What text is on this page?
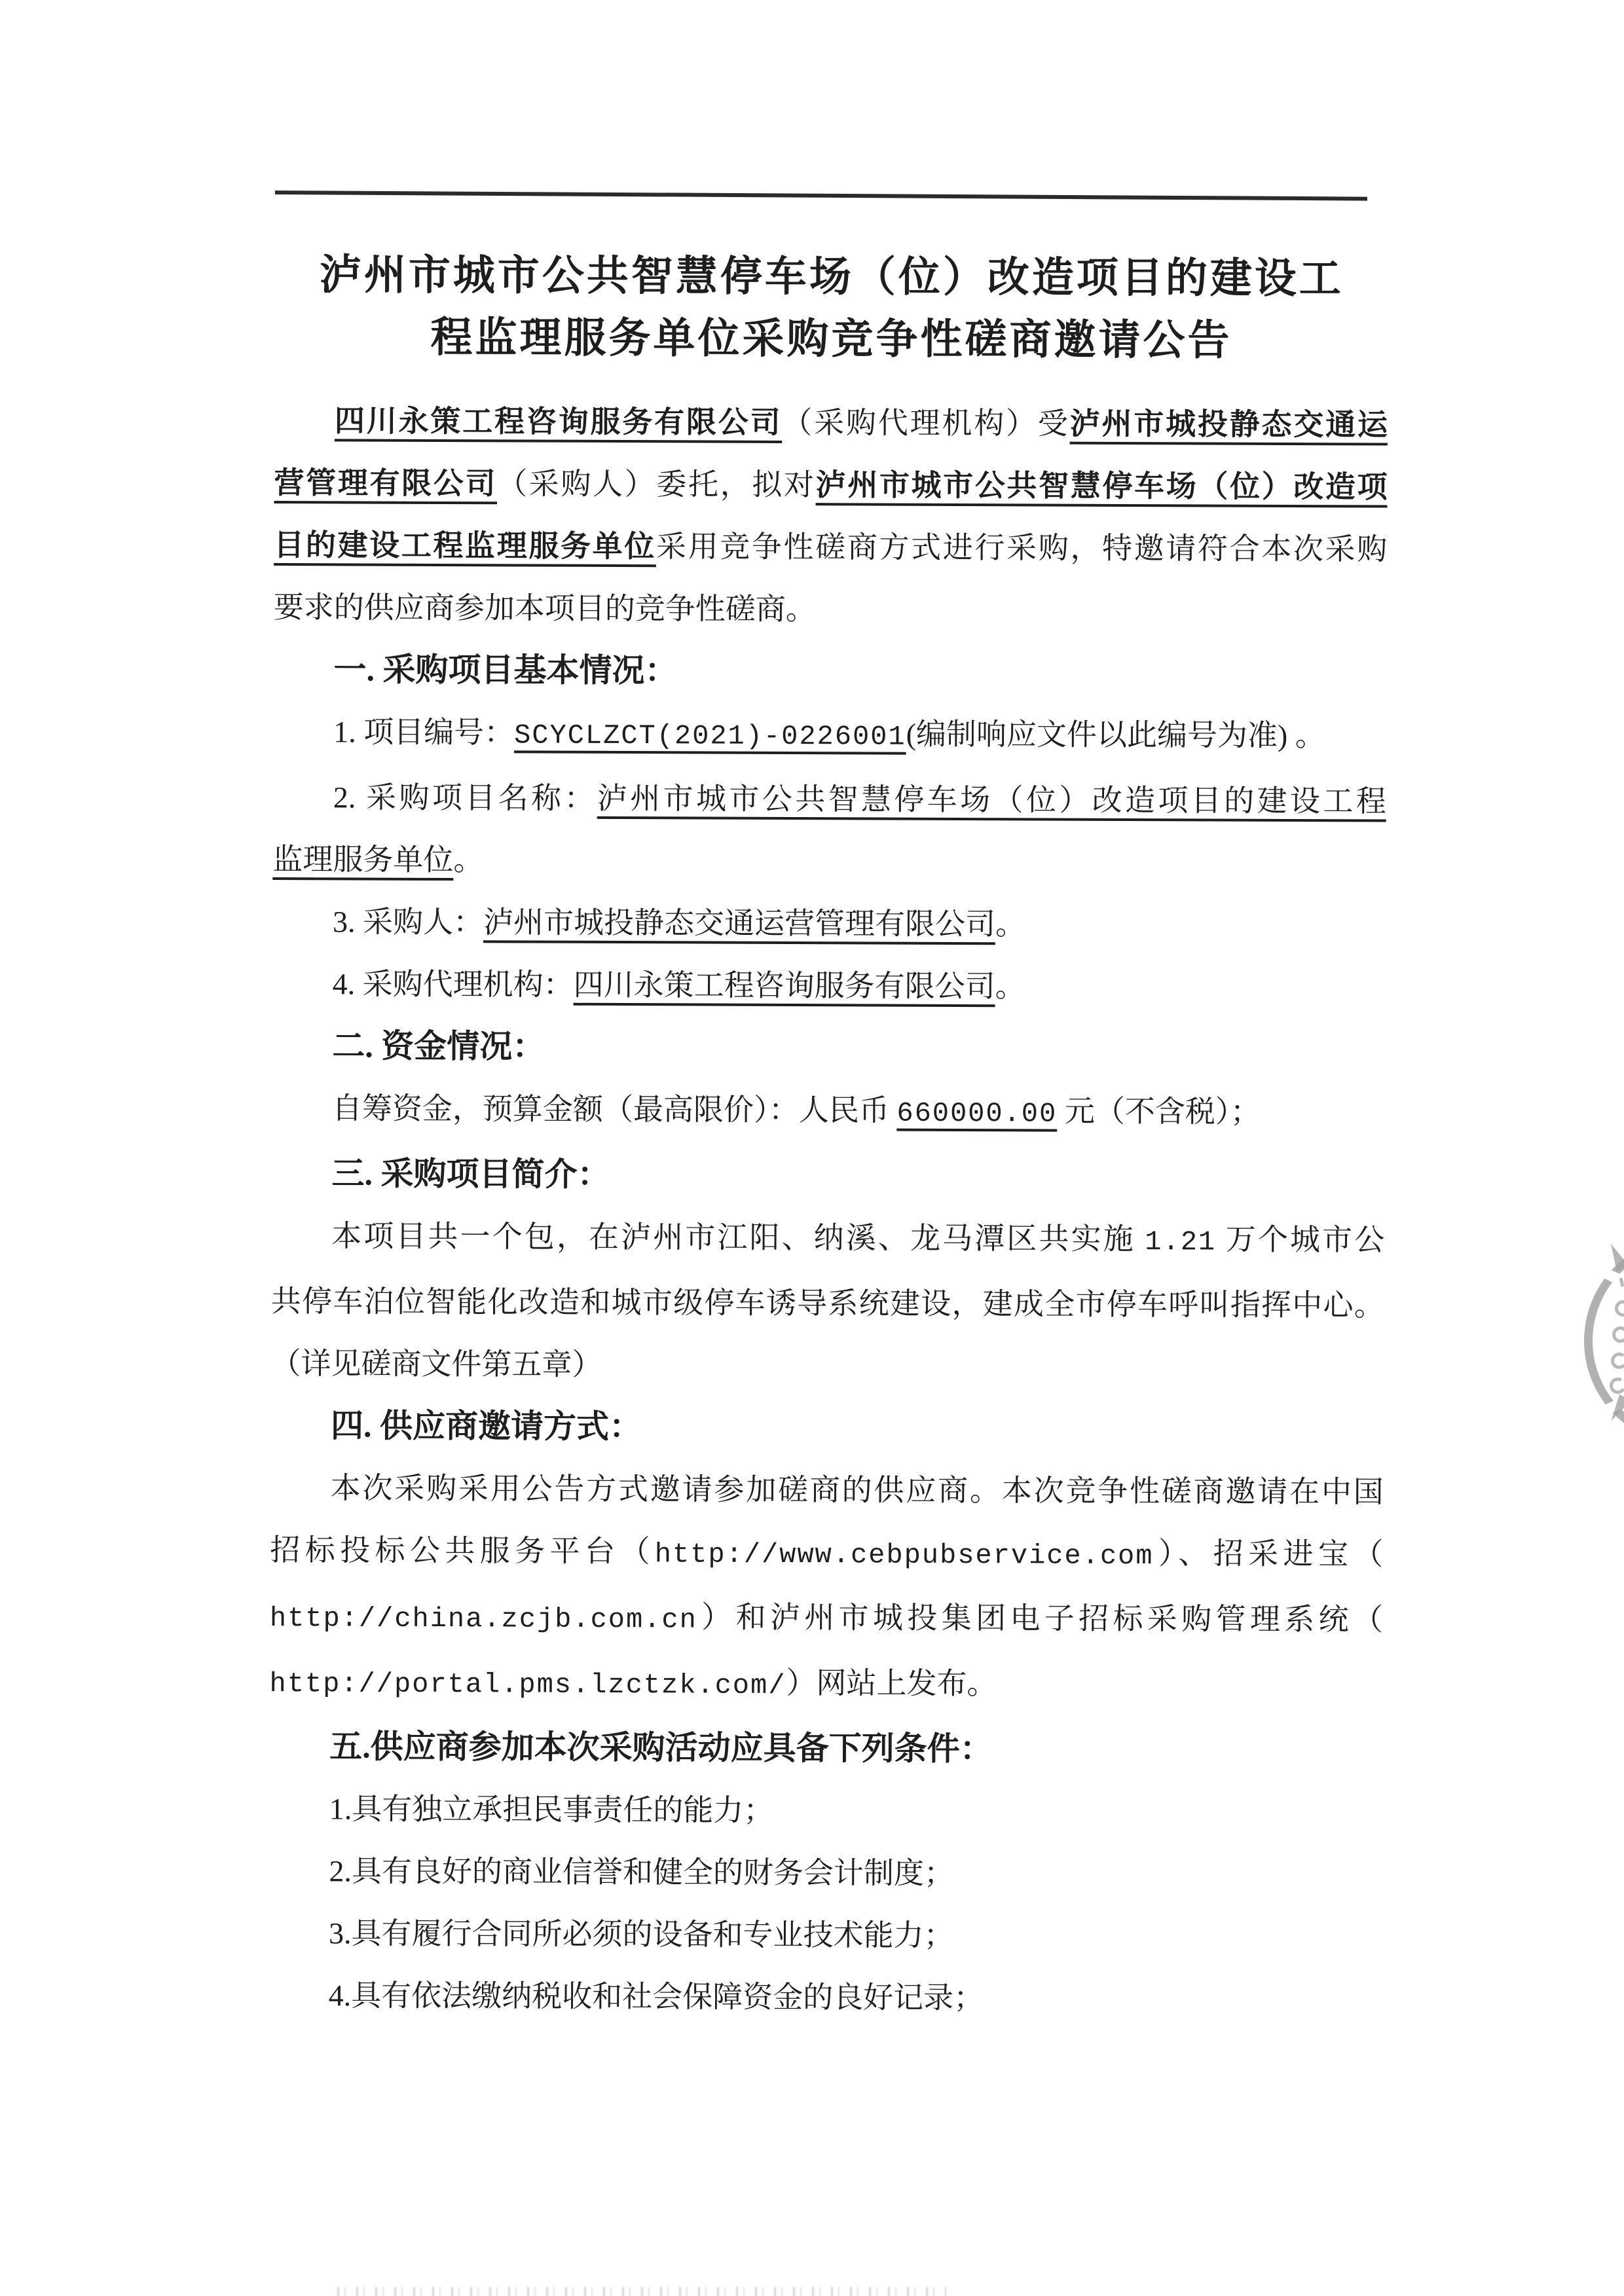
泸州市城市公共智慧停车场（位）改造项目的建设工
程监理服务单位采购竞争性磋商邀请公告
四川永策工程咨询服务有限公司（采购代理机构）受泸州市城投静态交通运
营管理有限公司（采购人）委托，拟对泸州市城市公共智慧停车场（位）改造项
目的建设工程监理服务单位采用竞争性磋商方式进行采购，特邀请符合本次采购
要求的供应商参加本项目的竞争性磋商。
一. 采购项目基本情况：
1. 项目编号：SCYCLZCT(2021)-0226001(编制响应文件以此编号为准) 。
2. 采购项目名称：泸州市城市公共智慧停车场（位）改造项目的建设工程
监理服务单位。
3. 采购人：泸州市城投静态交通运营管理有限公司。
4. 采购代理机构：四川永策工程咨询服务有限公司。
二. 资金情况：
自筹资金，预算金额（最高限价）：人民币 660000.00 元（不含税）；
三. 采购项目简介：
本项目共一个包，在泸州市江阳、纳溪、龙马潭区共实施 1.21 万个城市公
共停车泊位智能化改造和城市级停车诱导系统建设，建成全市停车呼叫指挥中心。
（详见磋商文件第五章）
四. 供应商邀请方式：
本次采购采用公告方式邀请参加磋商的供应商。本次竞争性磋商邀请在中国
招标投标公共服务平台（http://www.cebpubservice.com）、招采进宝（
http://china.zcjb.com.cn）和泸州市城投集团电子招标采购管理系统（
http://portal.pms.lzctzk.com/）网站上发布。
五.供应商参加本次采购活动应具备下列条件：
1.具有独立承担民事责任的能力；
2.具有良好的商业信誉和健全的财务会计制度；
3.具有履行合同所必须的设备和专业技术能力；
4.具有依法缴纳税收和社会保障资金的良好记录；
